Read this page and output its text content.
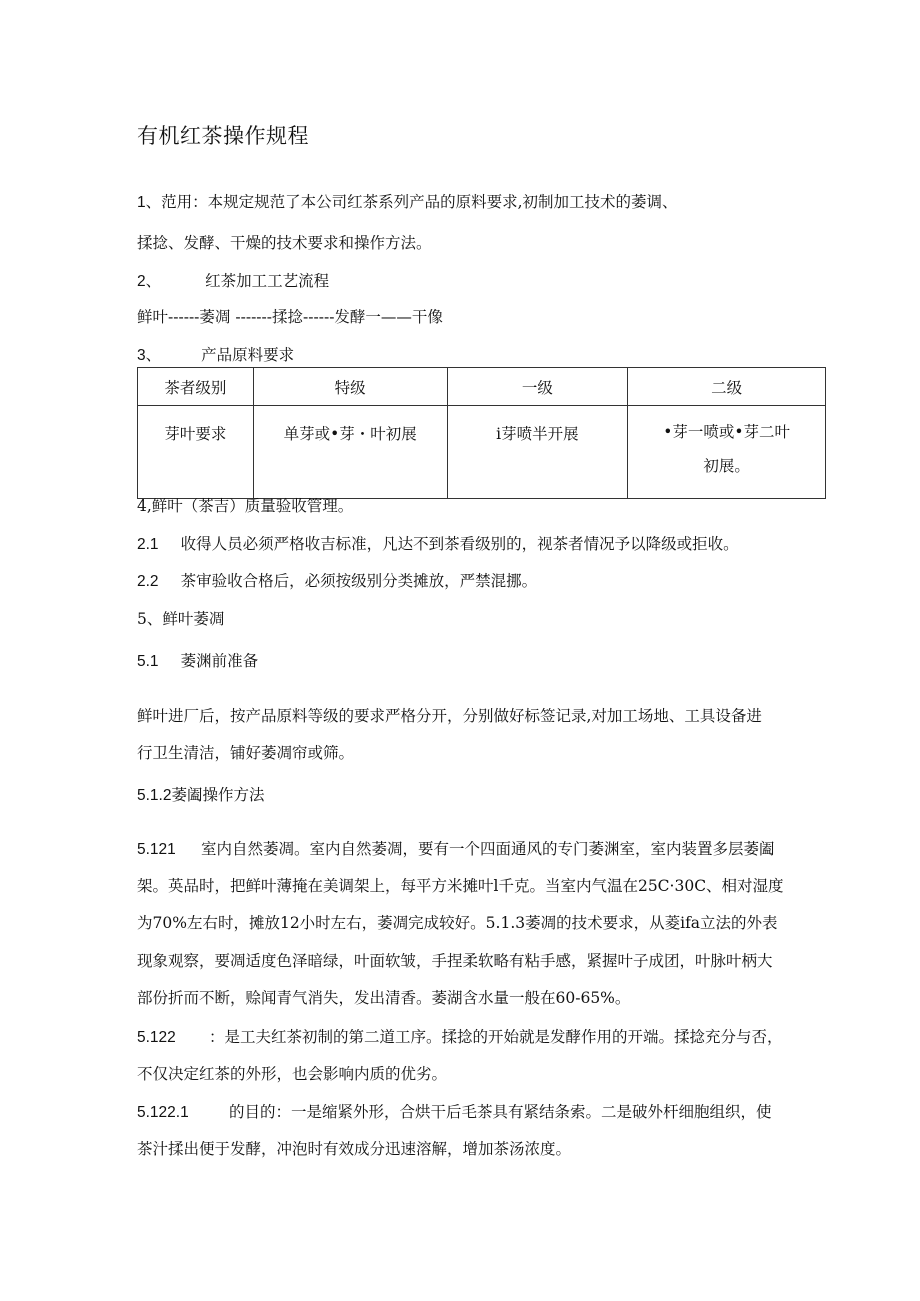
有机红茶操作规程
1、范用：本规定规范了本公司红茶系列产品的原料要求,初制加工技术的萎调、
揉捻、发酵、干燥的技术要求和操作方法。
2、	红茶加工工艺流程
鲜叶------萎凋 -------揉捻------发酵一——干像
3、	产品原料要求
茶者级别	特级	一级	二级
芽叶要求	单芽或•芽・叶初展	i芽喷半开展	•芽一喷或•芽二叶
初展。
4,鲜叶（茶吉）质量验收管理。
2.1 收得人员必须严格收吉标准，凡达不到茶看级别的，视茶者情况予以降级或拒收。
2.2 茶审验收合格后，必须按级别分类摊放，严禁混挪。
5、鲜叶萎凋
5.1 萎渊前准备
鲜叶进厂后，按产品原料等级的要求严格分开，分别做好标签记录,对加工场地、工具设备进
行卫生清洁，铺好萎凋帘或筛。
5.1.2萎阖操作方法
5.121 室内自然萎凋。室内自然萎凋，要有一个四面通风的专门萎渊室，室内装置多层萎阖
架。英品时，把鲜叶薄掩在美调架上，每平方米摊叶l千克。当室内气温在25C·30C、相对湿度
为70%左右时，摊放12小时左右，萎凋完成较好。5.1.3萎凋的技术要求，从菱ifa立法的外表
现象观察，要凋适度色泽暗绿，叶面软皱，手捏柔软略有粘手感，紧握叶子成团，叶脉叶柄大
部份折而不断，赊闻青气消失，发出清香。萎湖含水量一般在60-65%。
5.122 ：是工夫红茶初制的第二道工序。揉捻的开始就是发酵作用的开端。揉捻充分与否，
不仅决定红茶的外形，也会影响内质的优劣。
5.122.1	的目的：一是缩紧外形，合烘干后毛茶具有紧结条索。二是破外杆细胞组织，使
茶汁揉出便于发酵，冲泡时有效成分迅速溶解，增加茶汤浓度。
